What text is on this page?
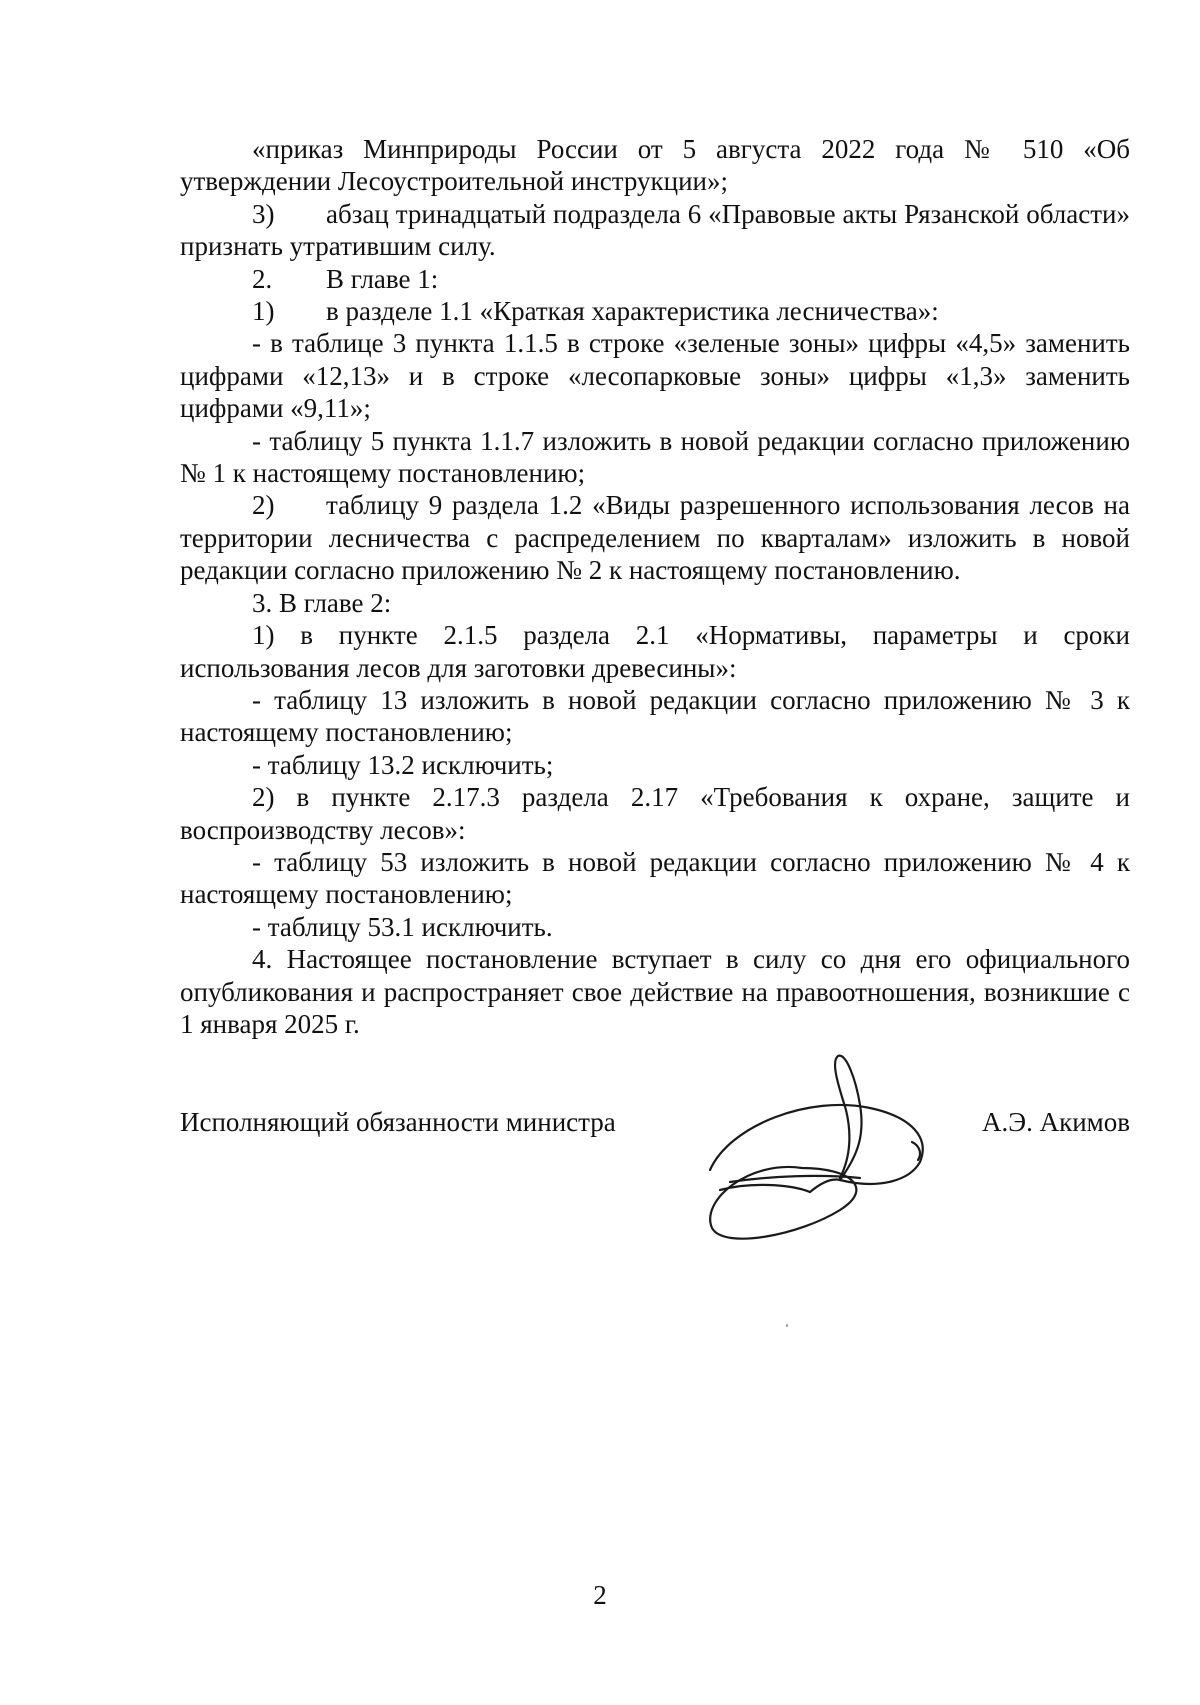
«приказ Минприроды России от 5 августа 2022 года № 510 «Об утверждении Лесоустроительной инструкции»;

3) абзац тринадцатый подраздела 6 «Правовые акты Рязанской области» признать утратившим силу.

2. В главе 1:

1) в разделе 1.1 «Краткая характеристика лесничества»:

- в таблице 3 пункта 1.1.5 в строке «зеленые зоны» цифры «4,5» заменить цифрами «12,13» и в строке «лесопарковые зоны» цифры «1,3» заменить цифрами «9,11»;

- таблицу 5 пункта 1.1.7 изложить в новой редакции согласно приложению № 1 к настоящему постановлению;

2) таблицу 9 раздела 1.2 «Виды разрешенного использования лесов на территории лесничества с распределением по кварталам» изложить в новой редакции согласно приложению № 2 к настоящему постановлению.

3. В главе 2:

1) в пункте 2.1.5 раздела 2.1 «Нормативы, параметры и сроки использования лесов для заготовки древесины»:

- таблицу 13 изложить в новой редакции согласно приложению № 3 к настоящему постановлению;

- таблицу 13.2 исключить;

2) в пункте 2.17.3 раздела 2.17 «Требования к охране, защите и воспроизводству лесов»:

- таблицу 53 изложить в новой редакции согласно приложению № 4 к настоящему постановлению;

- таблицу 53.1 исключить.

4. Настоящее постановление вступает в силу со дня его официального опубликования и распространяет свое действие на правоотношения, возникшие с 1 января 2025 г.

Исполняющий обязанности министра	А.Э. Акимов
2
